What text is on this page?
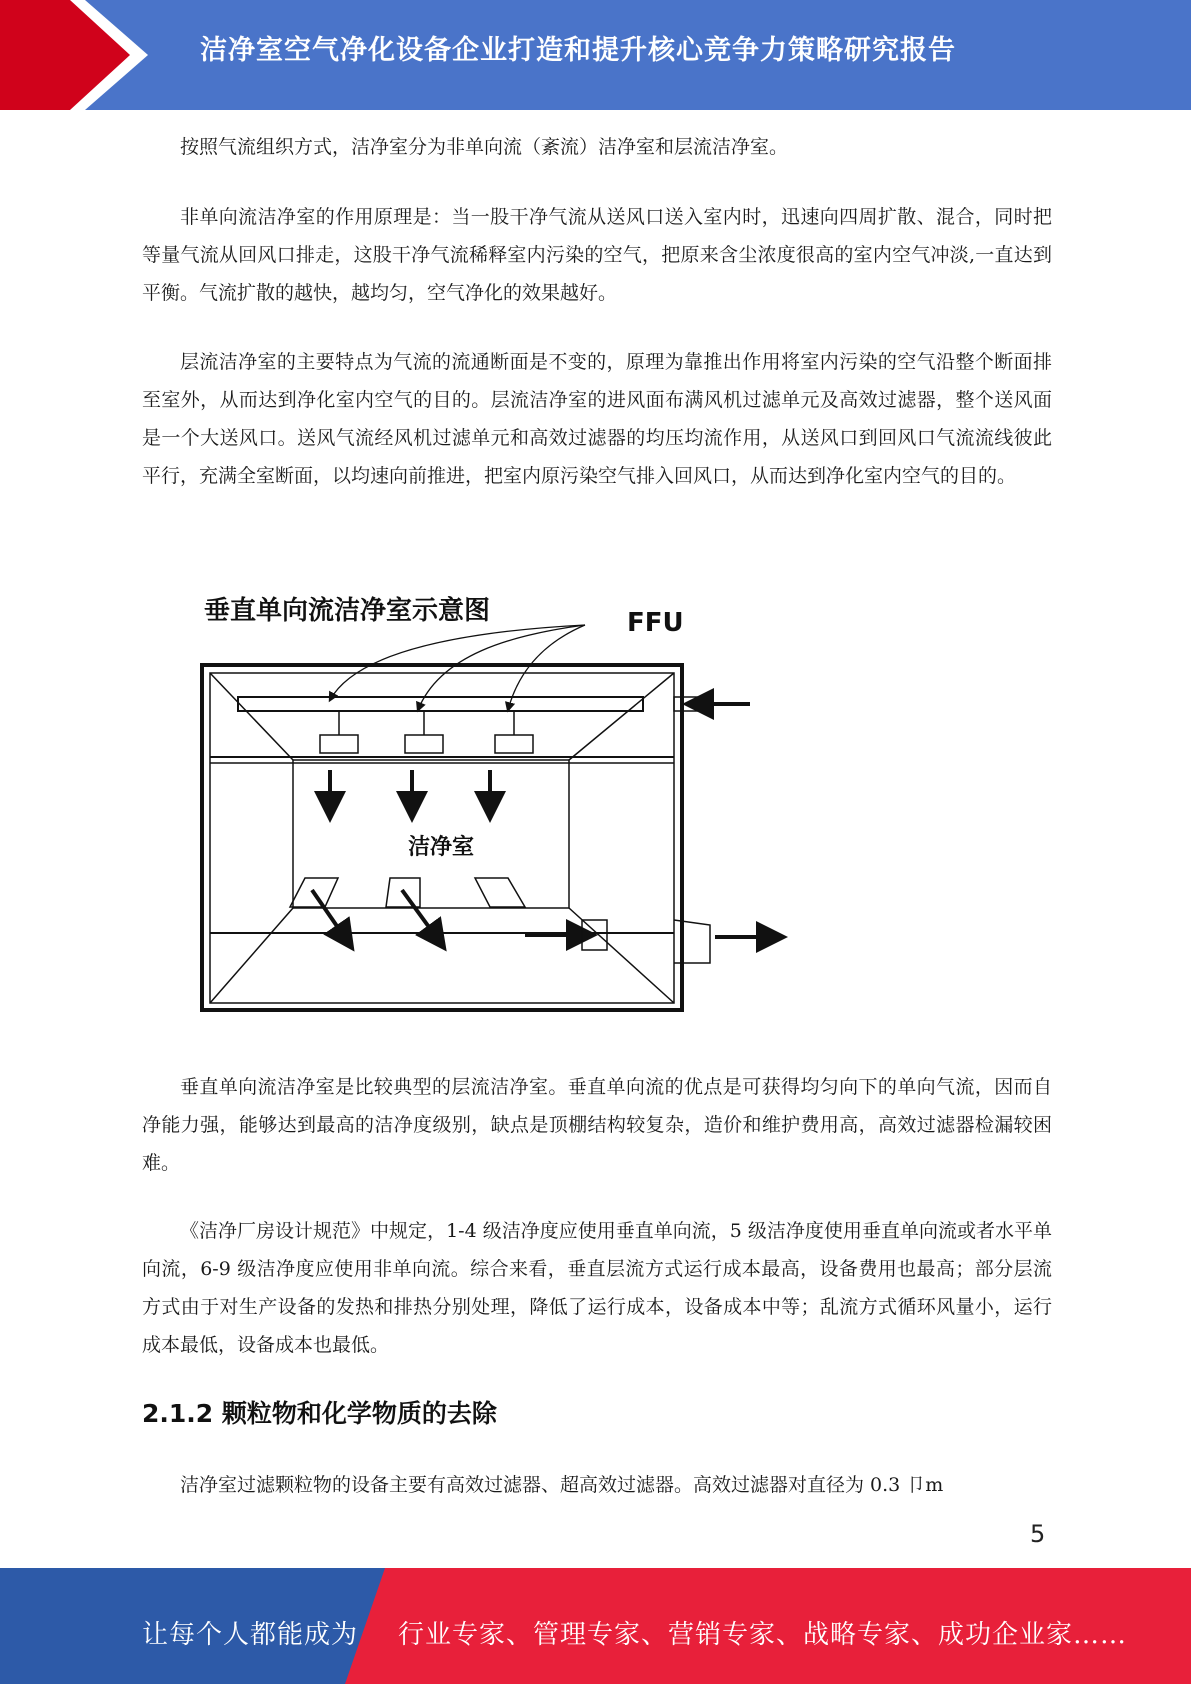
洁净室空气净化设备企业打造和提升核心竞争力策略研究报告

按照气流组织方式，洁净室分为非单向流（紊流）洁净室和层流洁净室。

非单向流洁净室的作用原理是：当一股干净气流从送风口送入室内时，迅速向四周扩散、混合，同时把等量气流从回风口排走，这股干净气流稀释室内污染的空气，把原来含尘浓度很高的室内空气冲淡,一直达到平衡。气流扩散的越快，越均匀，空气净化的效果越好。

层流洁净室的主要特点为气流的流通断面是不变的，原理为靠推出作用将室内污染的空气沿整个断面排至室外，从而达到净化室内空气的目的。层流洁净室的进风面布满风机过滤单元及高效过滤器，整个送风面是一个大送风口。送风气流经风机过滤单元和高效过滤器的均压均流作用，从送风口到回风口气流流线彼此平行，充满全室断面，以均速向前推进，把室内原污染空气排入回风口，从而达到净化室内空气的目的。

垂直单向流洁净室示意图	FFU
洁净室

垂直单向流洁净室是比较典型的层流洁净室。垂直单向流的优点是可获得均匀向下的单向气流，因而自净能力强，能够达到最高的洁净度级别，缺点是顶棚结构较复杂，造价和维护费用高，高效过滤器检漏较困难。

《洁净厂房设计规范》中规定，1-4 级洁净度应使用垂直单向流，5 级洁净度使用垂直单向流或者水平单向流，6-9 级洁净度应使用非单向流。综合来看，垂直层流方式运行成本最高，设备费用也最高；部分层流方式由于对生产设备的发热和排热分别处理，降低了运行成本，设备成本中等；乱流方式循环风量小，运行成本最低，设备成本也最低。

洁净室过滤颗粒物的设备主要有高效过滤器、超高效过滤器。高效过滤器对直径为 0.3 卩m

2.1.2 颗粒物和化学物质的去除
5
让每个人都能成为 行业专家、管理专家、营销专家、战略专家、成功企业家……
